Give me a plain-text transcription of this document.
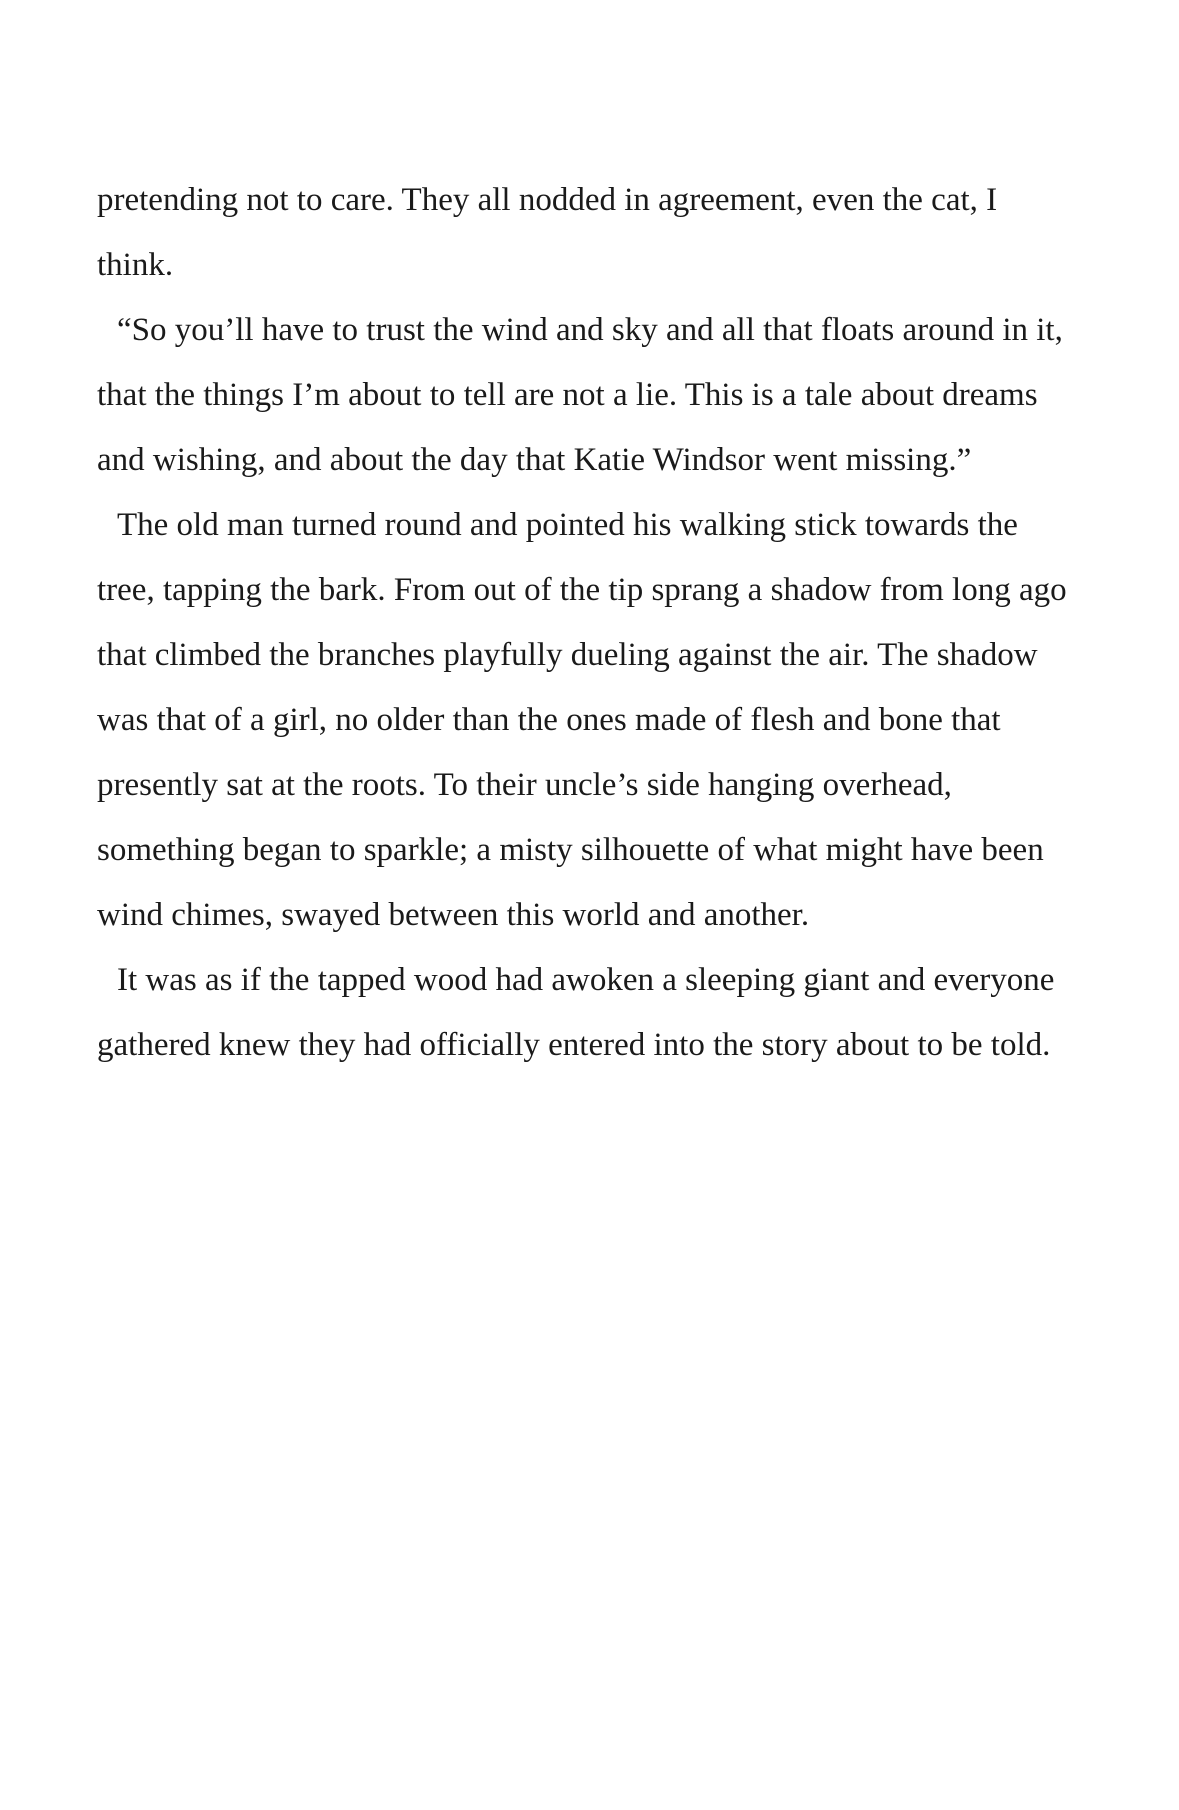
pretending not to care. They all nodded in agreement, even the cat, I
think.
“So you’ll have to trust the wind and sky and all that floats around in it,
that the things I’m about to tell are not a lie. This is a tale about dreams
and wishing, and about the day that Katie Windsor went missing.”
The old man turned round and pointed his walking stick towards the
tree, tapping the bark. From out of the tip sprang a shadow from long ago
that climbed the branches playfully dueling against the air. The shadow
was that of a girl, no older than the ones made of flesh and bone that
presently sat at the roots. To their uncle’s side hanging overhead,
something began to sparkle; a misty silhouette of what might have been
wind chimes, swayed between this world and another.
It was as if the tapped wood had awoken a sleeping giant and everyone
gathered knew they had officially entered into the story about to be told.
